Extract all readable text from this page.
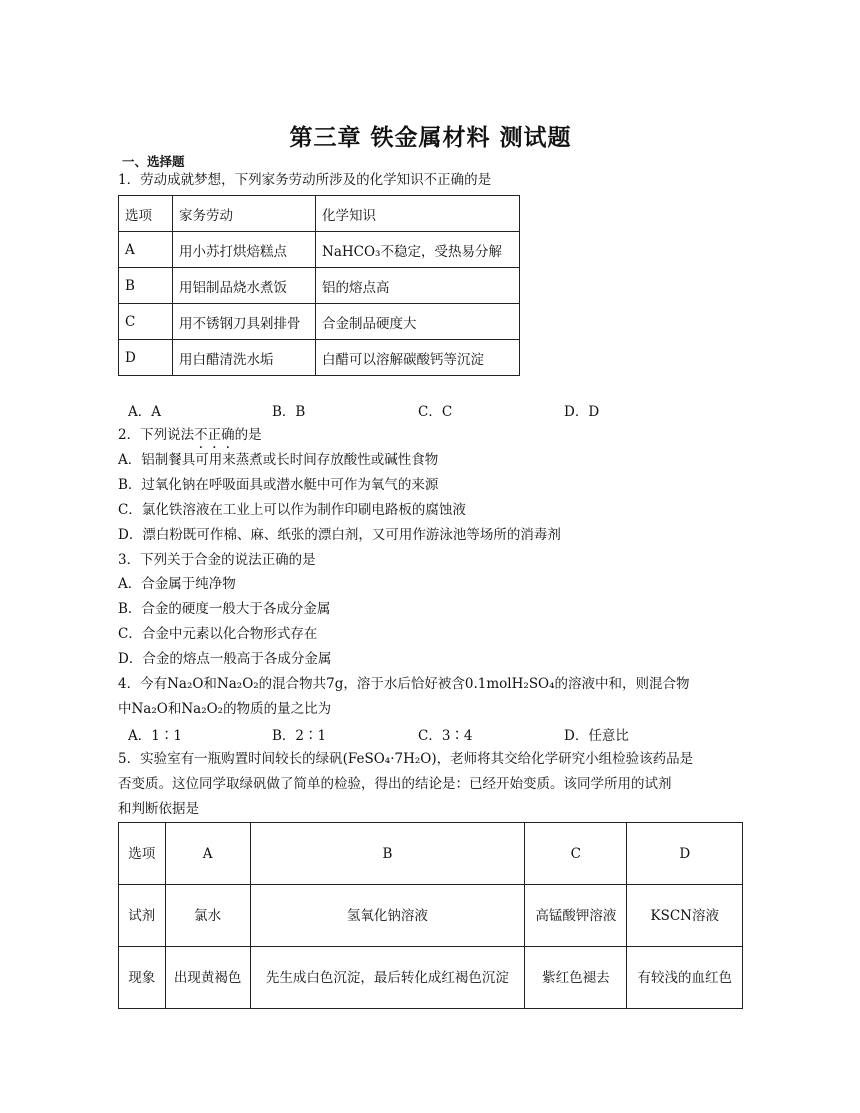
第三章 铁金属材料 测试题
一、选择题
1．劳动成就梦想，下列家务劳动所涉及的化学知识不正确的是
选项	家务劳动	化学知识
A	用小苏打烘焙糕点	NaHCO₃不稳定，受热易分解
B	用铝制品烧水煮饭	铝的熔点高
C	用不锈钢刀具剁排骨	合金制品硬度大
D	用白醋清洗水垢	白醋可以溶解碳酸钙等沉淀
A．A	B．B	C．C	D．D
2．下列说法不正确的是
A．铝制餐具可用来蒸煮或长时间存放酸性或碱性食物
B．过氧化钠在呼吸面具或潜水艇中可作为氧气的来源
C．氯化铁溶液在工业上可以作为制作印刷电路板的腐蚀液
D．漂白粉既可作棉、麻、纸张的漂白剂，又可用作游泳池等场所的消毒剂
3．下列关于合金的说法正确的是
A．合金属于纯净物
B．合金的硬度一般大于各成分金属
C．合金中元素以化合物形式存在
D．合金的熔点一般高于各成分金属
4．今有Na₂O和Na₂O₂的混合物共7g，溶于水后恰好被含0.1molH₂SO₄的溶液中和，则混合物
中Na₂O和Na₂O₂的物质的量之比为
A．1∶1	B．2∶1	C．3∶4	D．任意比
5．实验室有一瓶购置时间较长的绿矾(FeSO₄·7H₂O)，老师将其交给化学研究小组检验该药品是
否变质。这位同学取绿矾做了简单的检验，得出的结论是：已经开始变质。该同学所用的试剂
和判断依据是
选项	A	B	C	D
试剂	氯水	氢氧化钠溶液	高锰酸钾溶液	KSCN溶液
现象	出现黄褐色	先生成白色沉淀，最后转化成红褐色沉淀	紫红色褪去	有较浅的血红色
